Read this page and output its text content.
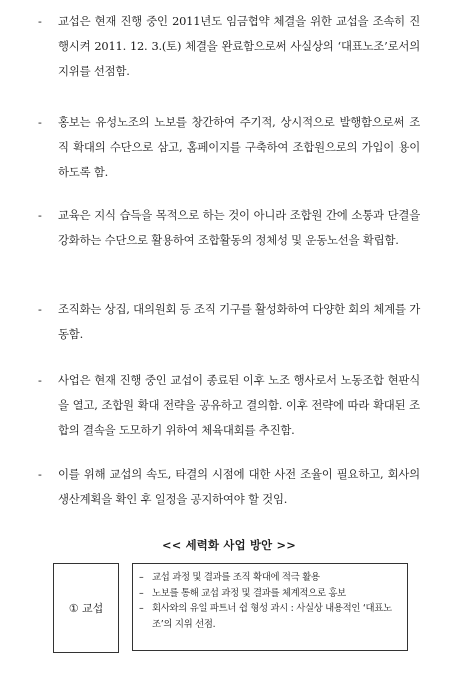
- 교섭은 현재 진행 중인 2011년도 임금협약 체결을 위한 교섭을 조속히 진행시켜 2011. 12. 3.(토) 체결을 완료함으로써 사실상의 ‘대표노조’로서의 지위를 선점함.
- 홍보는 유성노조의 노보를 창간하여 주기적, 상시적으로 발행함으로써 조직 확대의 수단으로 삼고, 홈페이지를 구축하여 조합원으로의 가입이 용이하도록 함.
- 교육은 지식 습득을 목적으로 하는 것이 아니라 조합원 간에 소통과 단결을 강화하는 수단으로 활용하여 조합활동의 정체성 및 운동노선을 확립함.
- 조직화는 상집, 대의원회 등 조직 기구를 활성화하여 다양한 회의 체계를 가동함.
- 사업은 현재 진행 중인 교섭이 종료된 이후 노조 행사로서 노동조합 현판식을 열고, 조합원 확대 전략을 공유하고 결의함. 이후 전략에 따라 확대된 조합의 결속을 도모하기 위하여 체육대회를 추진함.
- 이를 위해 교섭의 속도, 타결의 시점에 대한 사전 조율이 필요하고, 회사의 생산계획을 확인 후 일정을 공지하여야 할 것임.
<< 세력화 사업 방안 >>
① 교섭
– 교섭 과정 및 결과를 조직 확대에 적극 활용
– 노보를 통해 교섭 과정 및 결과를 체계적으로 홍보
– 회사와의 유일 파트너 쉽 형성 과시 : 사실상 내용적인 ‘대표노조’의 지위 선점.
